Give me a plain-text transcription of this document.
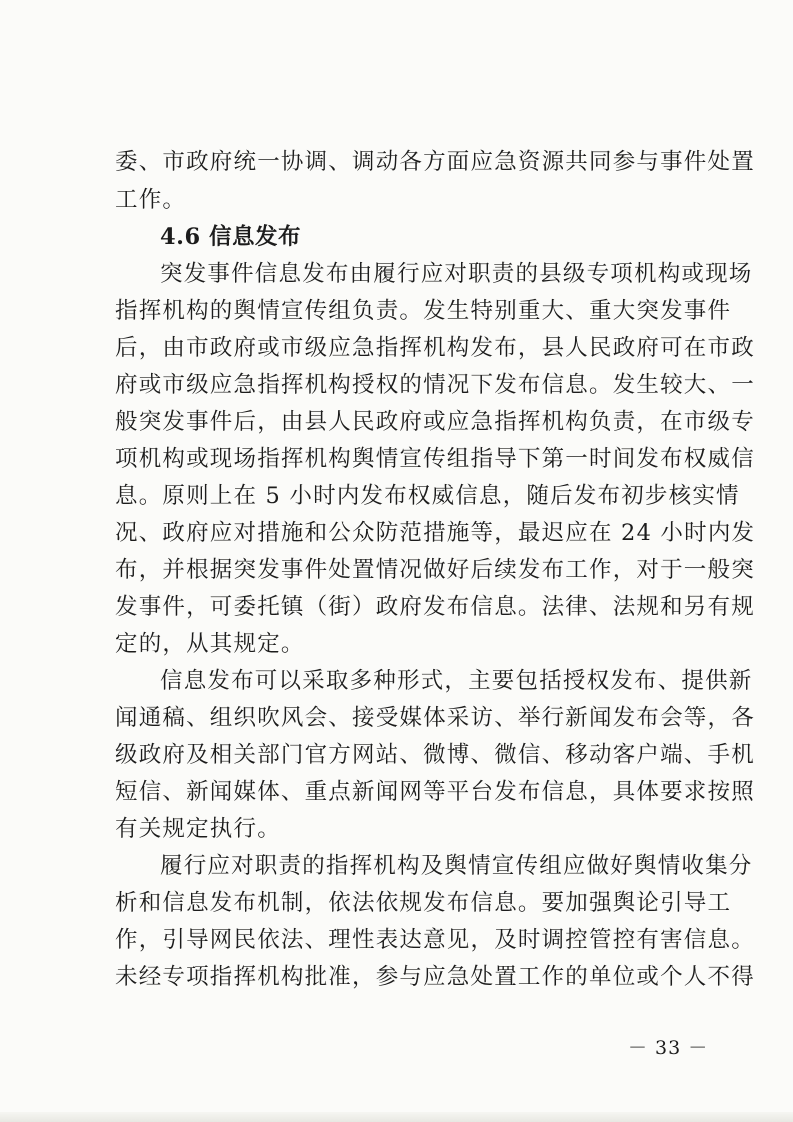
委、市政府统一协调、调动各方面应急资源共同参与事件处置
工作。
4.6 信息发布
突发事件信息发布由履行应对职责的县级专项机构或现场
指挥机构的舆情宣传组负责。发生特别重大、重大突发事件
后，由市政府或市级应急指挥机构发布，县人民政府可在市政
府或市级应急指挥机构授权的情况下发布信息。发生较大、一
般突发事件后，由县人民政府或应急指挥机构负责，在市级专
项机构或现场指挥机构舆情宣传组指导下第一时间发布权威信
息。原则上在 5 小时内发布权威信息，随后发布初步核实情
况、政府应对措施和公众防范措施等，最迟应在 24 小时内发
布，并根据突发事件处置情况做好后续发布工作，对于一般突
发事件，可委托镇（街）政府发布信息。法律、法规和另有规
定的，从其规定。
信息发布可以采取多种形式，主要包括授权发布、提供新
闻通稿、组织吹风会、接受媒体采访、举行新闻发布会等，各
级政府及相关部门官方网站、微博、微信、移动客户端、手机
短信、新闻媒体、重点新闻网等平台发布信息，具体要求按照
有关规定执行。
履行应对职责的指挥机构及舆情宣传组应做好舆情收集分
析和信息发布机制，依法依规发布信息。要加强舆论引导工
作，引导网民依法、理性表达意见，及时调控管控有害信息。
未经专项指挥机构批准，参与应急处置工作的单位或个人不得
－ 33 －
